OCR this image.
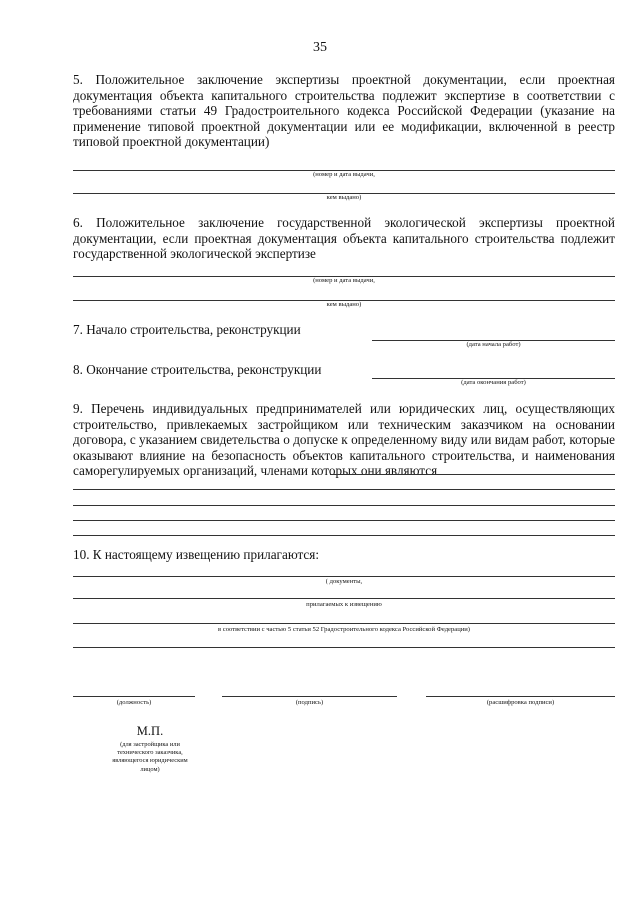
35
5. Положительное заключение экспертизы проектной документации, если проектная документация объекта капитального строительства подлежит экспертизе в соответствии с требованиями статьи 49 Градостроительного кодекса Российской Федерации (указание на применение типовой проектной документации или ее модификации, включенной в реестр типовой проектной документации)
(номер и дата выдачи,
кем выдано)
6. Положительное заключение государственной экологической экспертизы проектной документации, если проектная документация объекта капитального строительства подлежит государственной экологической экспертизе
(номер и дата выдачи,
кем выдано)
7. Начало строительства, реконструкции
(дата начала работ)
8. Окончание строительства, реконструкции
(дата окончания работ)
9. Перечень индивидуальных предпринимателей или юридических лиц, осуществляющих строительство, привлекаемых застройщиком или техническим заказчиком на основании договора, с указанием свидетельства о допуске к определенному виду или видам работ, которые оказывают влияние на безопасность объектов капитального строительства, и наименования саморегулируемых организаций, членами которых они являются
10. К настоящему извещению прилагаются:
( документы,
прилагаемых к извещению
в соответствии с частью 5 статьи 52 Градостроительного кодекса Российской Федерации)
(должность)	(подпись)	(расшифровка подписи)
М.П.
(для застройщика или технического заказчика, являющегося юридическим лицом)
